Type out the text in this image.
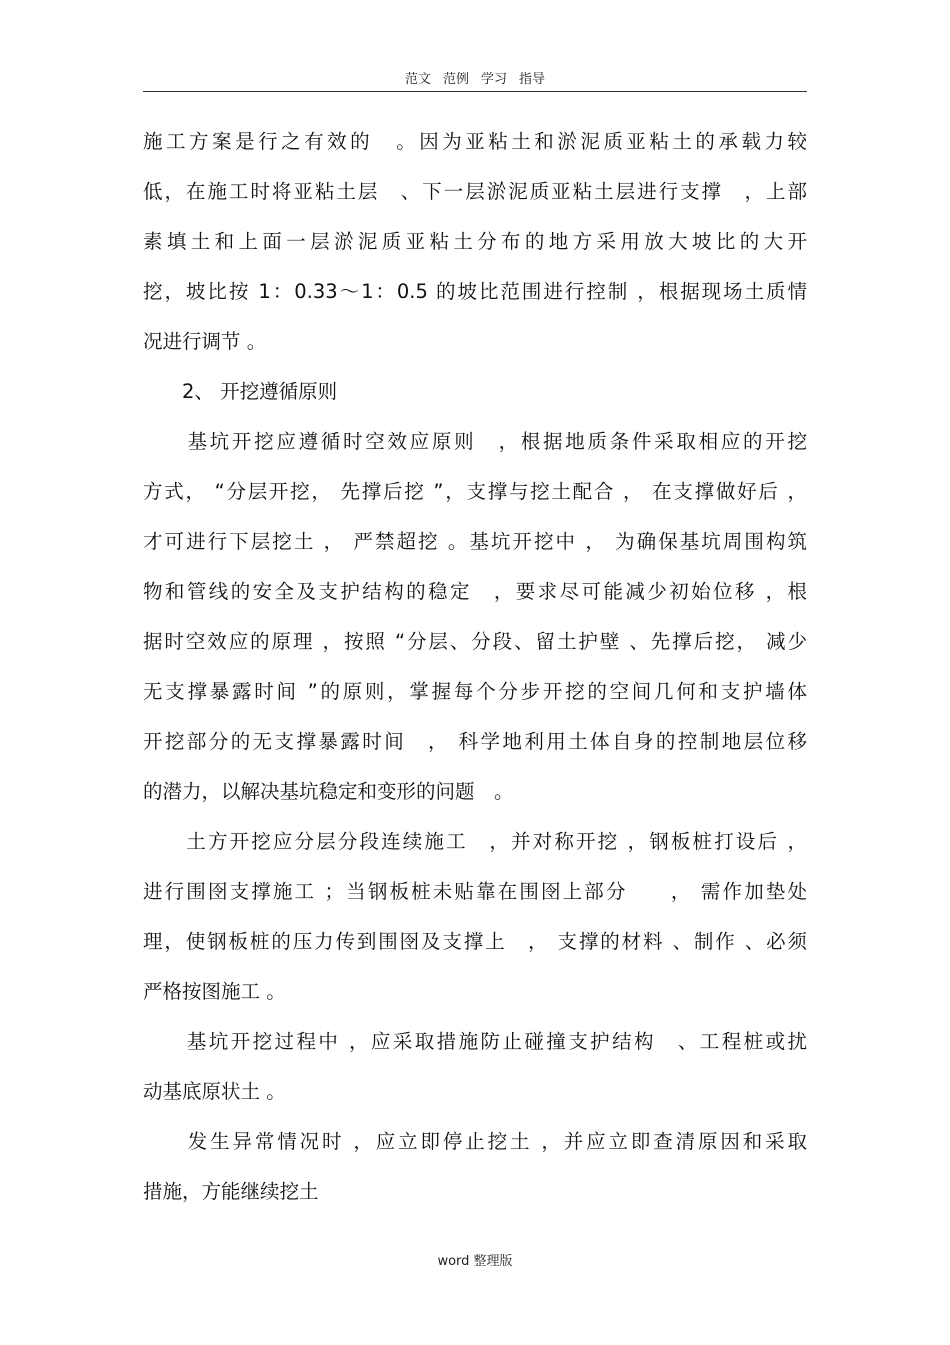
范文 范例 学习 指导
施工方案是行之有效的　。因为亚粘土和淤泥质亚粘土的承载力较
低，在施工时将亚粘土层　、下一层淤泥质亚粘土层进行支撑　，上部
素填土和上面一层淤泥质亚粘土分布的地方采用放大坡比的大开
挖，坡比按 1：0.33～1：0.5 的坡比范围进行控制 ，根据现场土质情
况进行调节 。
　　2、 开挖遵循原则
　　基坑开挖应遵循时空效应原则　，根据地质条件采取相应的开挖
方式， “分层开挖， 先撑后挖 ”，支撑与挖土配合 ， 在支撑做好后 ，
才可进行下层挖土 ， 严禁超挖 。基坑开挖中 ， 为确保基坑周围构筑
物和管线的安全及支护结构的稳定　，要求尽可能减少初始位移 ，根
据时空效应的原理 ，按照 “分层、分段、留土护壁 、先撑后挖， 减少
无支撑暴露时间 ”的原则，掌握每个分步开挖的空间几何和支护墙体
开挖部分的无支撑暴露时间　， 科学地利用土体自身的控制地层位移
的潜力，以解决基坑稳定和变形的问题　。
　　土方开挖应分层分段连续施工　，并对称开挖 ，钢板桩打设后 ，
进行围囹支撑施工 ；当钢板桩未贴靠在围囹上部分　　， 需作加垫处
理，使钢板桩的压力传到围囹及支撑上　， 支撑的材料 、制作 、必须
严格按图施工 。
　　基坑开挖过程中 ，应采取措施防止碰撞支护结构　、工程桩或扰
动基底原状土 。
　　发生异常情况时 ，应立即停止挖土 ，并应立即查清原因和采取
措施，方能继续挖土
word 整理版
